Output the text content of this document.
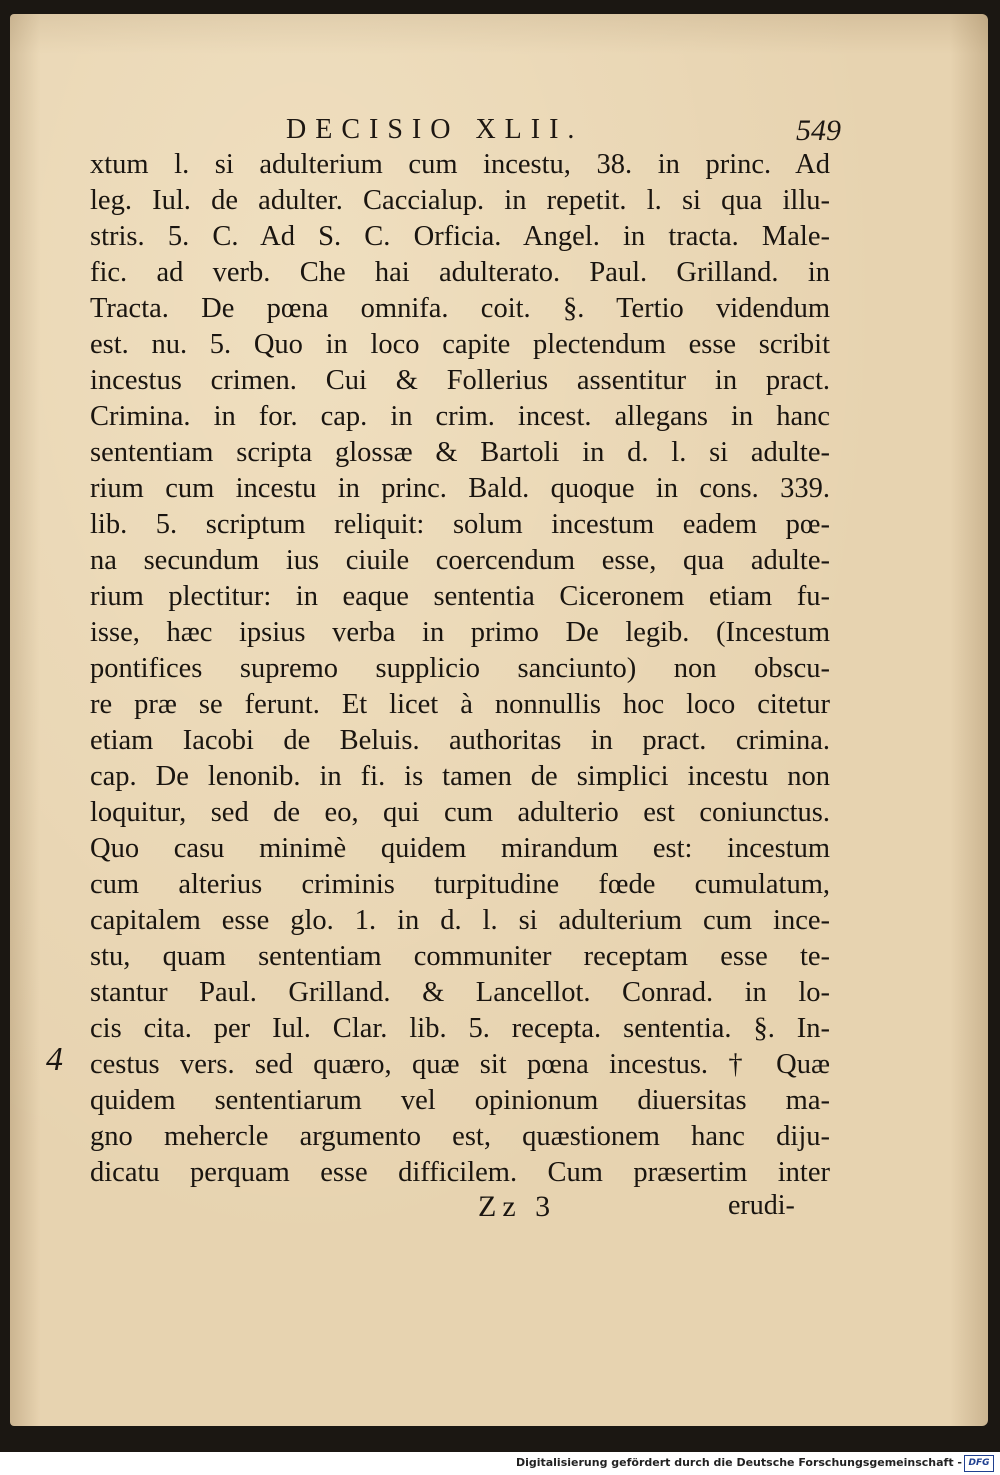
DECISIO XLII.	549
xtum l. si adulterium cum incestu, 38. in princ. Ad
leg. Iul. de adulter. Caccialup. in repetit. l. si qua illu-
stris. 5. C. Ad S. C. Orficia. Angel. in tracta. Male-
fic. ad verb. Che hai adulterato. Paul. Grilland. in
Tracta. De pœna omnifa. coit. §. Tertio videndum
est. nu. 5. Quo in loco capite plectendum esse scribit
incestus crimen. Cui & Follerius assentitur in pract.
Crimina. in for. cap. in crim. incest. allegans in hanc
sententiam scripta glossæ & Bartoli in d. l. si adulte-
rium cum incestu in princ. Bald. quoque in cons. 339.
lib. 5. scriptum reliquit: solum incestum eadem pœ-
na secundum ius ciuile coercendum esse, qua adulte-
rium plectitur: in eaque sententia Ciceronem etiam fu-
isse, hæc ipsius verba in primo De legib. (Incestum
pontifices supremo supplicio sanciunto) non obscu-
re præ se ferunt. Et licet à nonnullis hoc loco citetur
etiam Iacobi de Beluis. authoritas in pract. crimina.
cap. De lenonib. in fi. is tamen de simplici incestu non
loquitur, sed de eo, qui cum adulterio est coniunctus.
Quo casu minimè quidem mirandum est: incestum
cum alterius criminis turpitudine fœde cumulatum,
capitalem esse glo. 1. in d. l. si adulterium cum ince-
stu, quam sententiam communiter receptam esse te-
stantur Paul. Grilland. & Lancellot. Conrad. in lo-
cis cita. per Iul. Clar. lib. 5. recepta. sententia. §. In-
cestus vers. sed quæro, quæ sit pœna incestus. † Quæ
quidem sententiarum vel opinionum diuersitas ma-
gno mehercle argumento est, quæstionem hanc diju-
dicatu perquam esse difficilem. Cum præsertim inter
4
Zz 3	erudi-
Digitalisierung gefördert durch die Deutsche Forschungsgemeinschaft - DFG
